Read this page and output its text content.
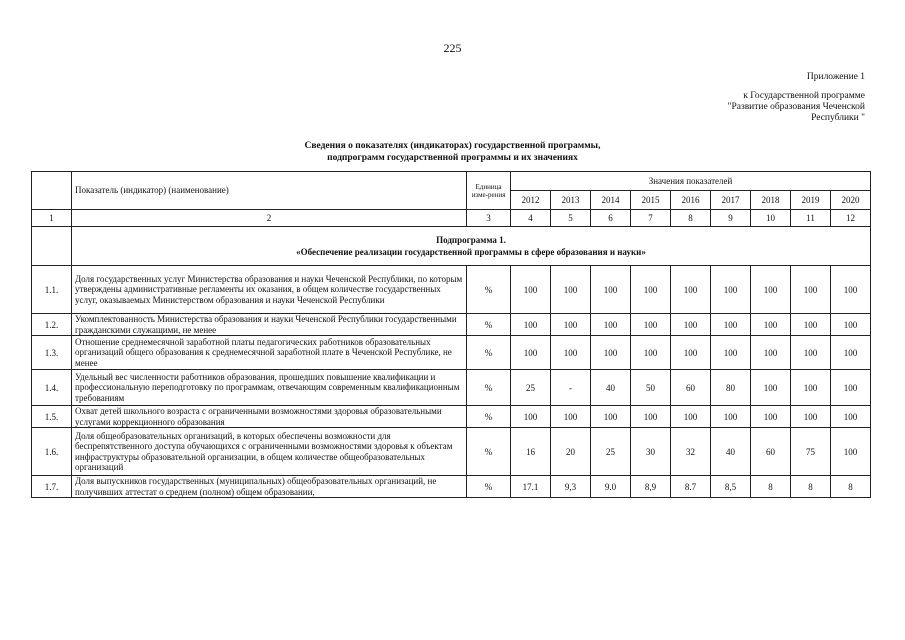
225
Приложение 1
к Государственной программе
"Развитие образования Чеченской
Республики "
Сведения о показателях (индикаторах) государственной программы,
подпрограмм государственной программы и их значениях
	Показатель (индикатор) (наименование)	Единица изме-рения	Значения показателей								
			2012	2013	2014	2015	2016	2017	2018	2019	2020
1	2	3	4	5	6	7	8	9	10	11	12

	Подпрограмма 1.
«Обеспечение реализации государственной программы в сфере образования и науки»										

1.1.	Доля государственных услуг Министерства образования и науки Чеченской Республики, по которым утверждены административные регламенты их оказания, в общем количестве государственных услуг, оказываемых Министерством образования и науки Чеченской Республики	%	100	100	100	100	100	100	100	100	100
1.2.	Укомплектованность Министерства образования и науки Чеченской Республики государственными гражданскими служащими, не менее	%	100	100	100	100	100	100	100	100	100
1.3.	Отношение среднемесячной заработной платы педагогических работников образовательных организаций общего образования к среднемесячной заработной плате в Чеченской Республике, не менее	%	100	100	100	100	100	100	100	100	100
1.4.	Удельный вес численности работников образования, прошедших повышение квалификации и профессиональную переподготовку по программам, отвечающим современным квалификационным требованиям	%	25	-	40	50	60	80	100	100	100
1.5.	Охват детей школьного возраста с ограниченными возможностями здоровья образовательными услугами коррекционного образования	%	100	100	100	100	100	100	100	100	100
1.6.	Доля общеобразовательных организаций, в которых обеспечены возможности для беспрепятственного доступа обучающихся с ограниченными возможностями здоровья к объектам инфраструктуры образовательной организации, в общем количестве общеобразовательных организаций	%	16	20	25	30	32	40	60	75	100
1.7.	Доля выпускников государственных (муниципальных) общеобразовательных организаций, не получивших аттестат о среднем (полном) общем образовании,	%	17.1	9,3	9.0	8,9	8.7	8,5	8	8	8
